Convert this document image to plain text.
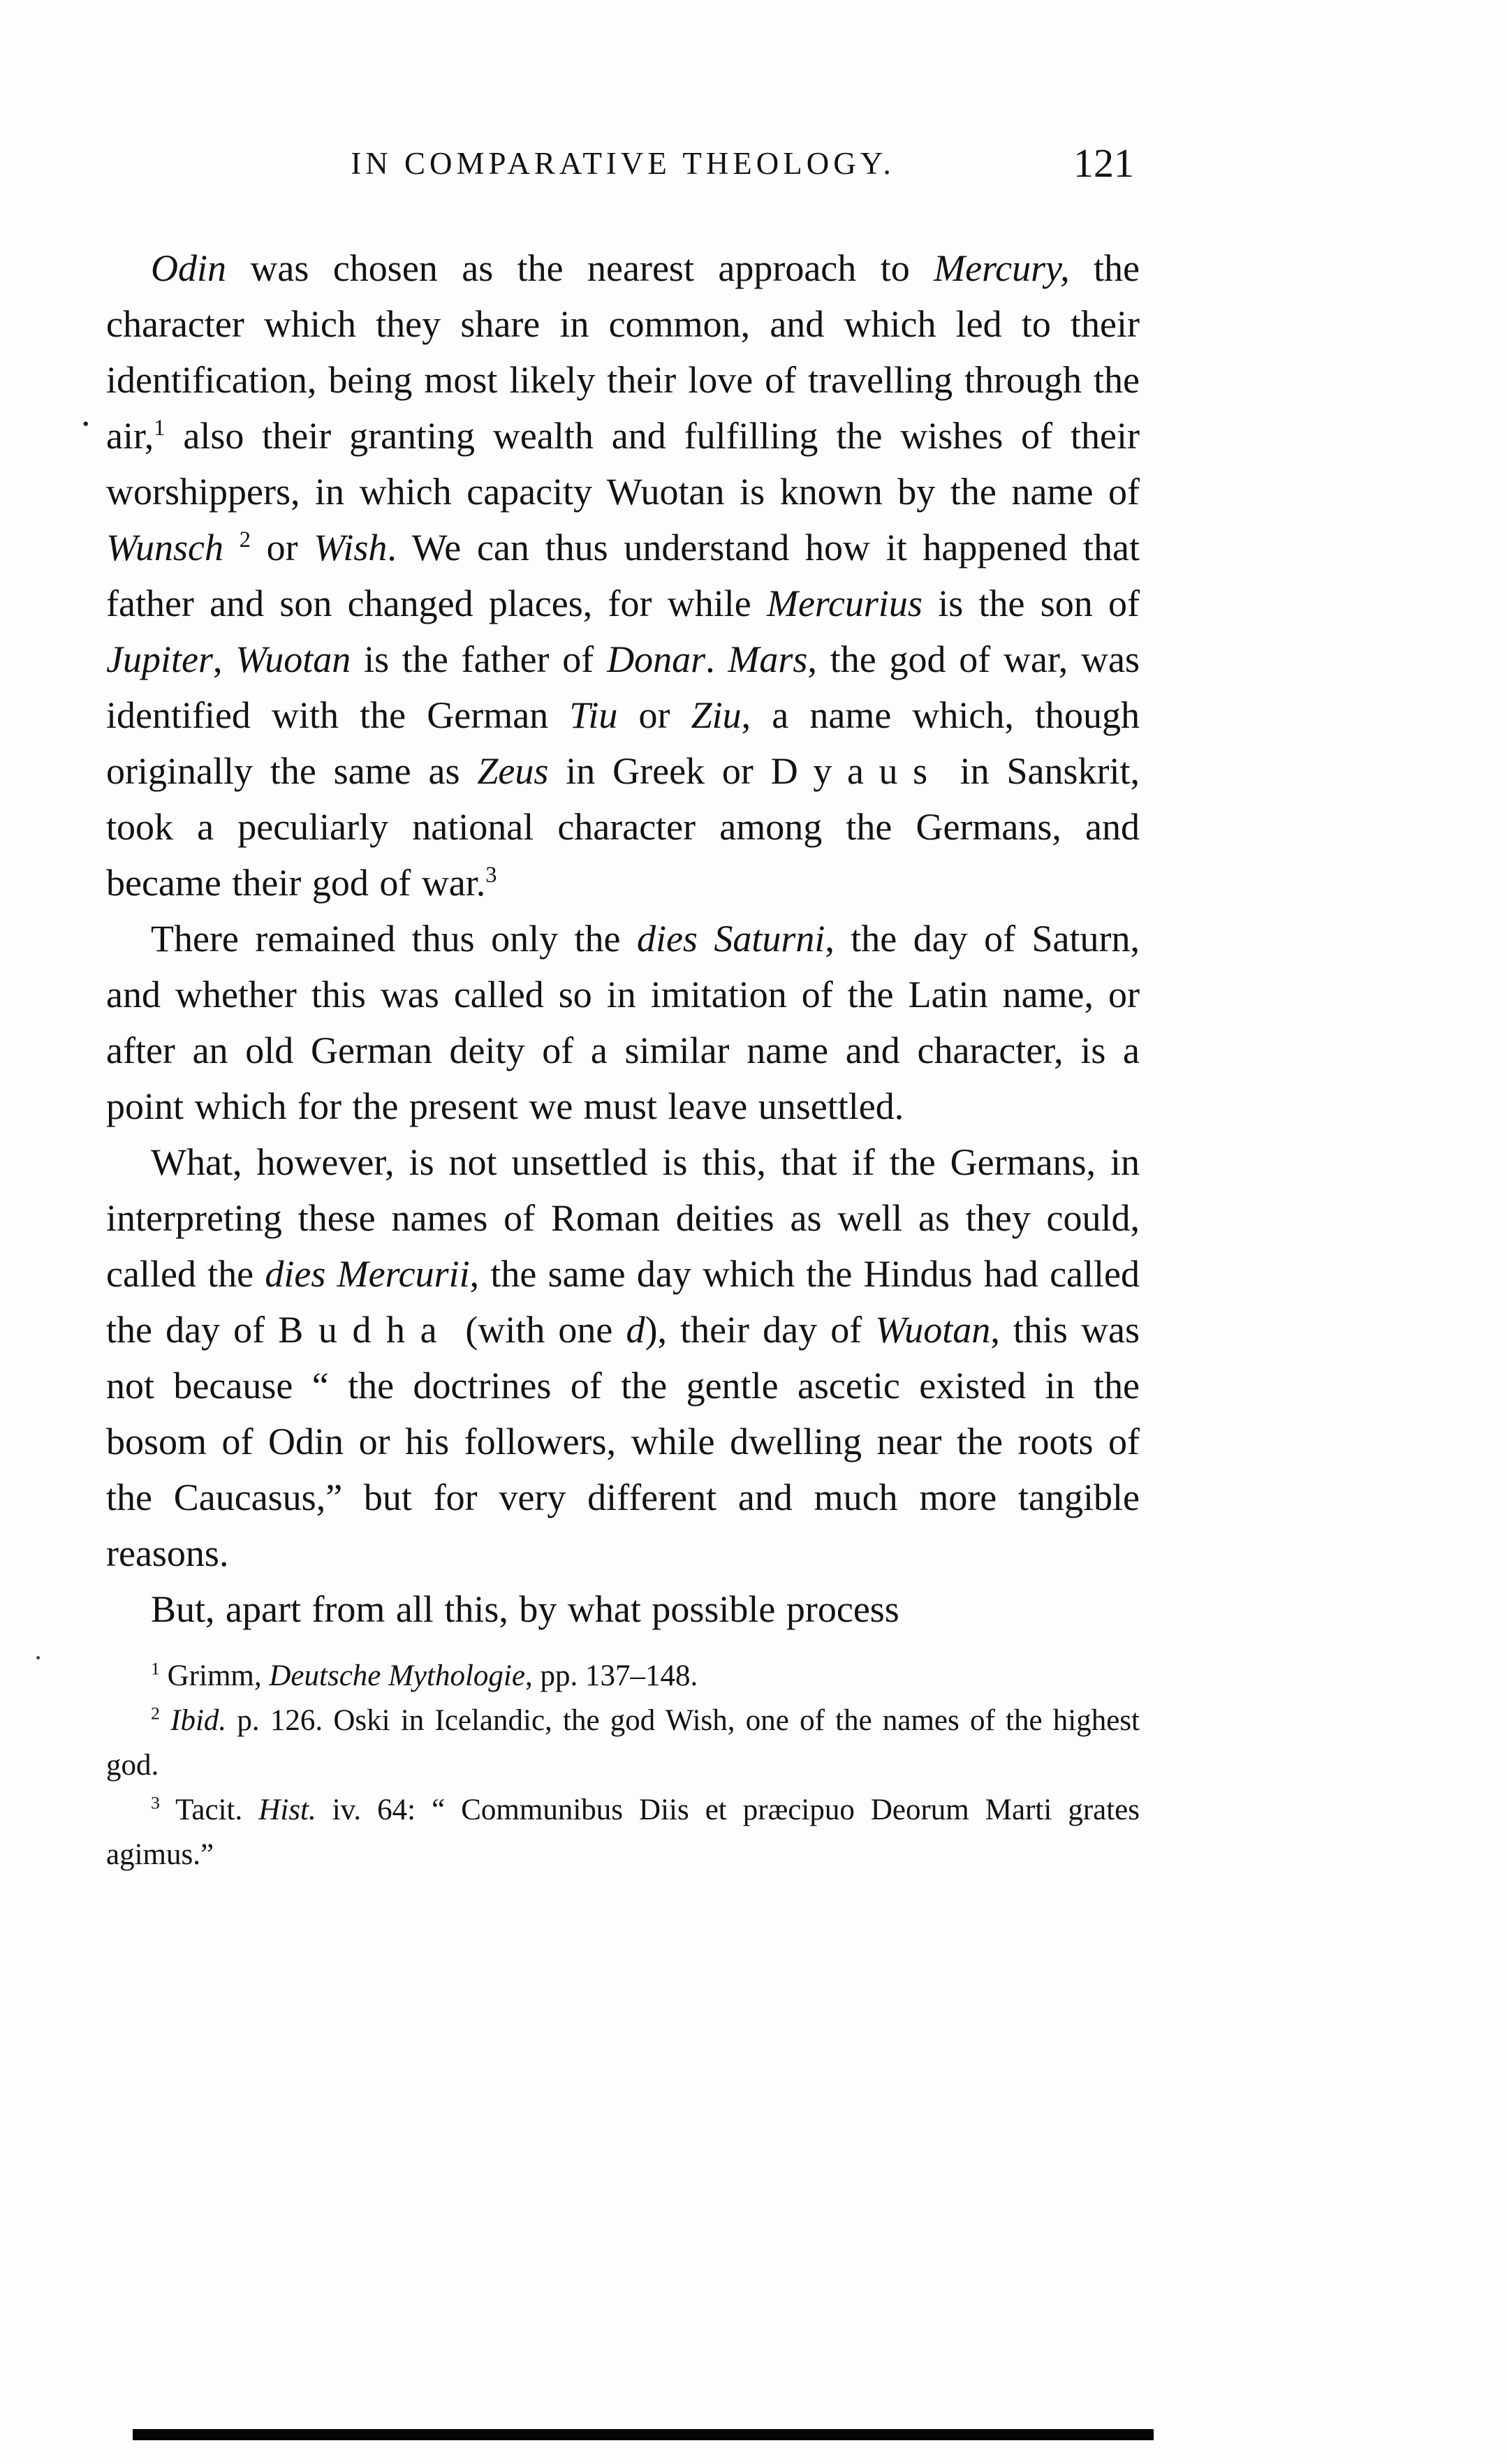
IN COMPARATIVE THEOLOGY.	121

Odin was chosen as the nearest approach to Mercury, the character which they share in common, and which led to their identification, being most likely their love of travelling through the air,$^1$ also their granting wealth and fulfilling the wishes of their worshippers, in which capacity Wuotan is known by the name of Wunsch $^2$ or Wish. We can thus understand how it happened that father and son changed places, for while Mercurius is the son of Jupiter, Wuotan is the father of Donar. Mars, the god of war, was identified with the German Tiu or Ziu, a name which, though originally the same as Zeus in Greek or Dyaus in Sanskrit, took a peculiarly national character among the Germans, and became their god of war.$^3$

There remained thus only the dies Saturni, the day of Saturn, and whether this was called so in imitation of the Latin name, or after an old German deity of a similar name and character, is a point which for the present we must leave unsettled.

What, however, is not unsettled is this, that if the Germans, in interpreting these names of Roman deities as well as they could, called the dies Mercurii, the same day which the Hindus had called the day of Budha (with one d), their day of Wuotan, this was not because “ the doctrines of the gentle ascetic existed in the bosom of Odin or his followers, while dwelling near the roots of the Caucasus,” but for very different and much more tangible reasons.

But, apart from all this, by what possible process

$^1$ Grimm, Deutsche Mythologie, pp. 137–148.

$^2$ Ibid. p. 126. Oski in Icelandic, the god Wish, one of the names of the highest god.

$^3$ Tacit. Hist. iv. 64: “ Communibus Diis et præcipuo Deorum Marti grates agimus.”

.
·
